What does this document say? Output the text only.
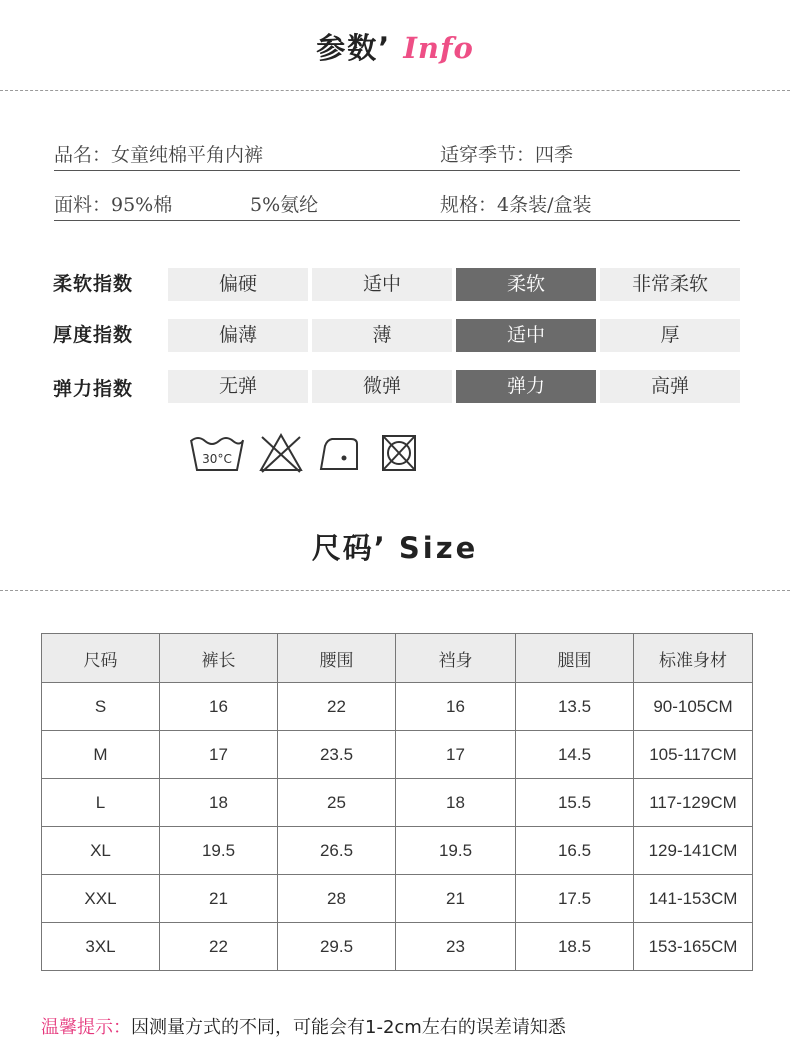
参数’ Info
品名：女童纯棉平角内裤	适穿季节：四季
面料：95%棉	5%氨纶	规格：4条装/盒装
柔软指数	偏硬	适中	柔软	非常柔软
厚度指数	偏薄	薄	适中	厚
弹力指数	无弹	微弹	弹力	高弹
30°C
尺码’ Size
尺码	裤长	腰围	裆身	腿围	标准身材
S	16	22	16	13.5	90-105CM
M	17	23.5	17	14.5	105-117CM
L	18	25	18	15.5	117-129CM
XL	19.5	26.5	19.5	16.5	129-141CM
XXL	21	28	21	17.5	141-153CM
3XL	22	29.5	23	18.5	153-165CM
温馨提示：因测量方式的不同，可能会有1-2cm左右的误差请知悉
